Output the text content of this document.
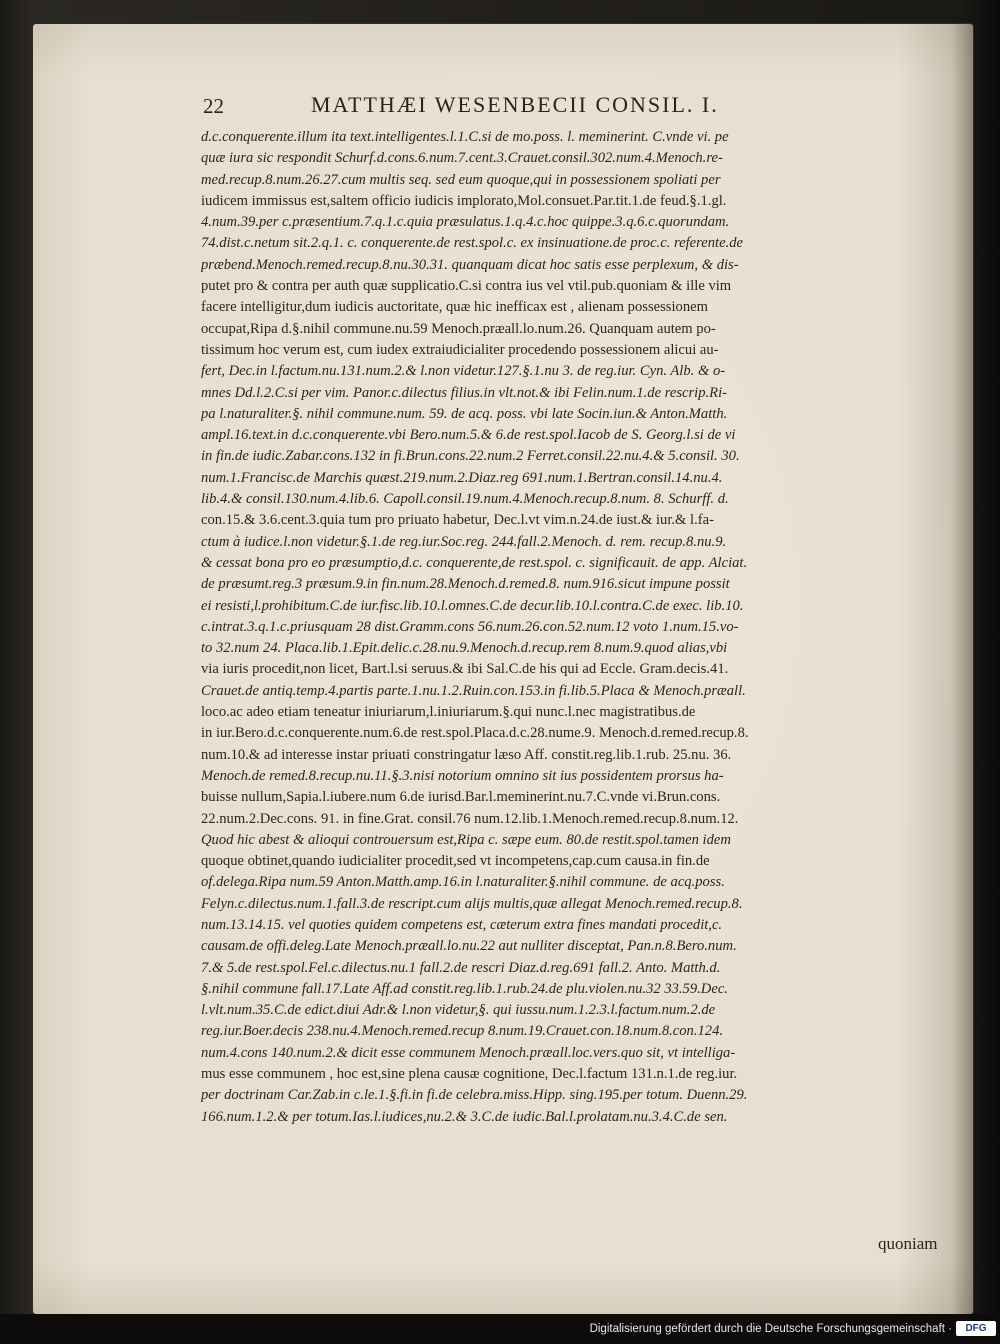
22	MATTHÆI WESENBECII CONSIL. I.
d.c.conquerente.illum ita text.intelligentes.l.1.C.si de mo.poss. l. meminerint. C.vnde vi. pe
quæ iura sic respondit Schurf.d.cons.6.num.7.cent.3.Crauet.consil.302.num.4.Menoch.re-
med.recup.8.num.26.27.cum multis seq. sed eum quoque,qui in possessionem spoliati per
iudicem immissus est,saltem officio iudicis implorato,Mol.consuet.Par.tit.1.de feud.§.1.gl.
4.num.39.per c.præsentium.7.q.1.c.quia præsulatus.1.q.4.c.hoc quippe.3.q.6.c.quorundam.
74.dist.c.netum sit.2.q.1. c. conquerente.de rest.spol.c. ex insinuatione.de proc.c. referente.de
præbend.Menoch.remed.recup.8.nu.30.31. quanquam dicat hoc satis esse perplexum, & dis-
putet pro & contra per auth quæ supplicatio.C.si contra ius vel vtil.pub.quoniam & ille vim
facere intelligitur,dum iudicis auctoritate, quæ hic inefficax est , alienam possessionem
occupat,Ripa d.§.nihil commune.nu.59 Menoch.præall.lo.num.26. Quanquam autem po-
tissimum hoc verum est, cum iudex extraiudicialiter procedendo possessionem alicui au-
fert, Dec.in l.factum.nu.131.num.2.& l.non videtur.127.§.1.nu 3. de reg.iur. Cyn. Alb. & o-
mnes Dd.l.2.C.si per vim. Panor.c.dilectus filius.in vlt.not.& ibi Felin.num.1.de rescrip.Ri-
pa l.naturaliter.§. nihil commune.num. 59. de acq. poss. vbi late Socin.iun.& Anton.Matth.
ampl.16.text.in d.c.conquerente.vbi Bero.num.5.& 6.de rest.spol.Iacob de S. Georg.l.si de vi
in fin.de iudic.Zabar.cons.132 in fi.Brun.cons.22.num.2 Ferret.consil.22.nu.4.& 5.consil. 30.
num.1.Francisc.de Marchis quæst.219.num.2.Diaz.reg 691.num.1.Bertran.consil.14.nu.4.
lib.4.& consil.130.num.4.lib.6. Capoll.consil.19.num.4.Menoch.recup.8.num. 8. Schurff. d.
con.15.& 3.6.cent.3.quia tum pro priuato habetur, Dec.l.vt vim.n.24.de iust.& iur.& l.fa-
ctum à iudice.l.non videtur.§.1.de reg.iur.Soc.reg. 244.fall.2.Menoch. d. rem. recup.8.nu.9.
& cessat bona pro eo præsumptio,d.c. conquerente,de rest.spol. c. significauit. de app. Alciat.
de præsumt.reg.3 præsum.9.in fin.num.28.Menoch.d.remed.8. num.916.sicut impune possit
ei resisti,l.prohibitum.C.de iur.fisc.lib.10.l.omnes.C.de decur.lib.10.l.contra.C.de exec. lib.10.
c.intrat.3.q.1.c.priusquam 28 dist.Gramm.cons 56.num.26.con.52.num.12 voto 1.num.15.vo-
to 32.num 24. Placa.lib.1.Epit.delic.c.28.nu.9.Menoch.d.recup.rem 8.num.9.quod alias,vbi
via iuris procedit,non licet, Bart.l.si seruus.& ibi Sal.C.de his qui ad Eccle. Gram.decis.41.
Crauet.de antiq.temp.4.partis parte.1.nu.1.2.Ruin.con.153.in fi.lib.5.Placa & Menoch.præall.
loco.ac adeo etiam teneatur iniuriarum,l.iniuriarum.§.qui nunc.l.nec magistratibus.de
in iur.Bero.d.c.conquerente.num.6.de rest.spol.Placa.d.c.28.nume.9. Menoch.d.remed.recup.8.
num.10.& ad interesse instar priuati constringatur læso Aff. constit.reg.lib.1.rub. 25.nu. 36.
Menoch.de remed.8.recup.nu.11.§.3.nisi notorium omnino sit ius possidentem prorsus ha-
buisse nullum,Sapia.l.iubere.num 6.de iurisd.Bar.l.meminerint.nu.7.C.vnde vi.Brun.cons.
22.num.2.Dec.cons. 91. in fine.Grat. consil.76 num.12.lib.1.Menoch.remed.recup.8.num.12.
Quod hic abest & alioqui controuersum est,Ripa c. sæpe eum. 80.de restit.spol.tamen idem
quoque obtinet,quando iudicialiter procedit,sed vt incompetens,cap.cum causa.in fin.de
of.delega.Ripa num.59 Anton.Matth.amp.16.in l.naturaliter.§.nihil commune. de acq.poss.
Felyn.c.dilectus.num.1.fall.3.de rescript.cum alijs multis,quæ allegat Menoch.remed.recup.8.
num.13.14.15. vel quoties quidem competens est, cæterum extra fines mandati procedit,c.
causam.de offi.deleg.Late Menoch.præall.lo.nu.22 aut nulliter disceptat, Pan.n.8.Bero.num.
7.& 5.de rest.spol.Fel.c.dilectus.nu.1 fall.2.de rescri Diaz.d.reg.691 fall.2. Anto. Matth.d.
§.nihil commune fall.17.Late Aff.ad constit.reg.lib.1.rub.24.de plu.violen.nu.32 33.59.Dec.
l.vlt.num.35.C.de edict.diui Adr.& l.non videtur,§. qui iussu.num.1.2.3.l.factum.num.2.de
reg.iur.Boer.decis 238.nu.4.Menoch.remed.recup 8.num.19.Crauet.con.18.num.8.con.124.
num.4.cons 140.num.2.& dicit esse communem Menoch.præall.loc.vers.quo sit, vt intelliga-
mus esse communem , hoc est,sine plena causæ cognitione, Dec.l.factum 131.n.1.de reg.iur.
per doctrinam Car.Zab.in c.le.1.§.fi.in fi.de celebra.miss.Hipp. sing.195.per totum. Duenn.29.
166.num.1.2.& per totum.Ias.l.iudices,nu.2.& 3.C.de iudic.Bal.l.prolatam.nu.3.4.C.de sen.
quoniam
Digitalisierung gefördert durch die Deutsche Forschungsgemeinschaft ·	DFG
